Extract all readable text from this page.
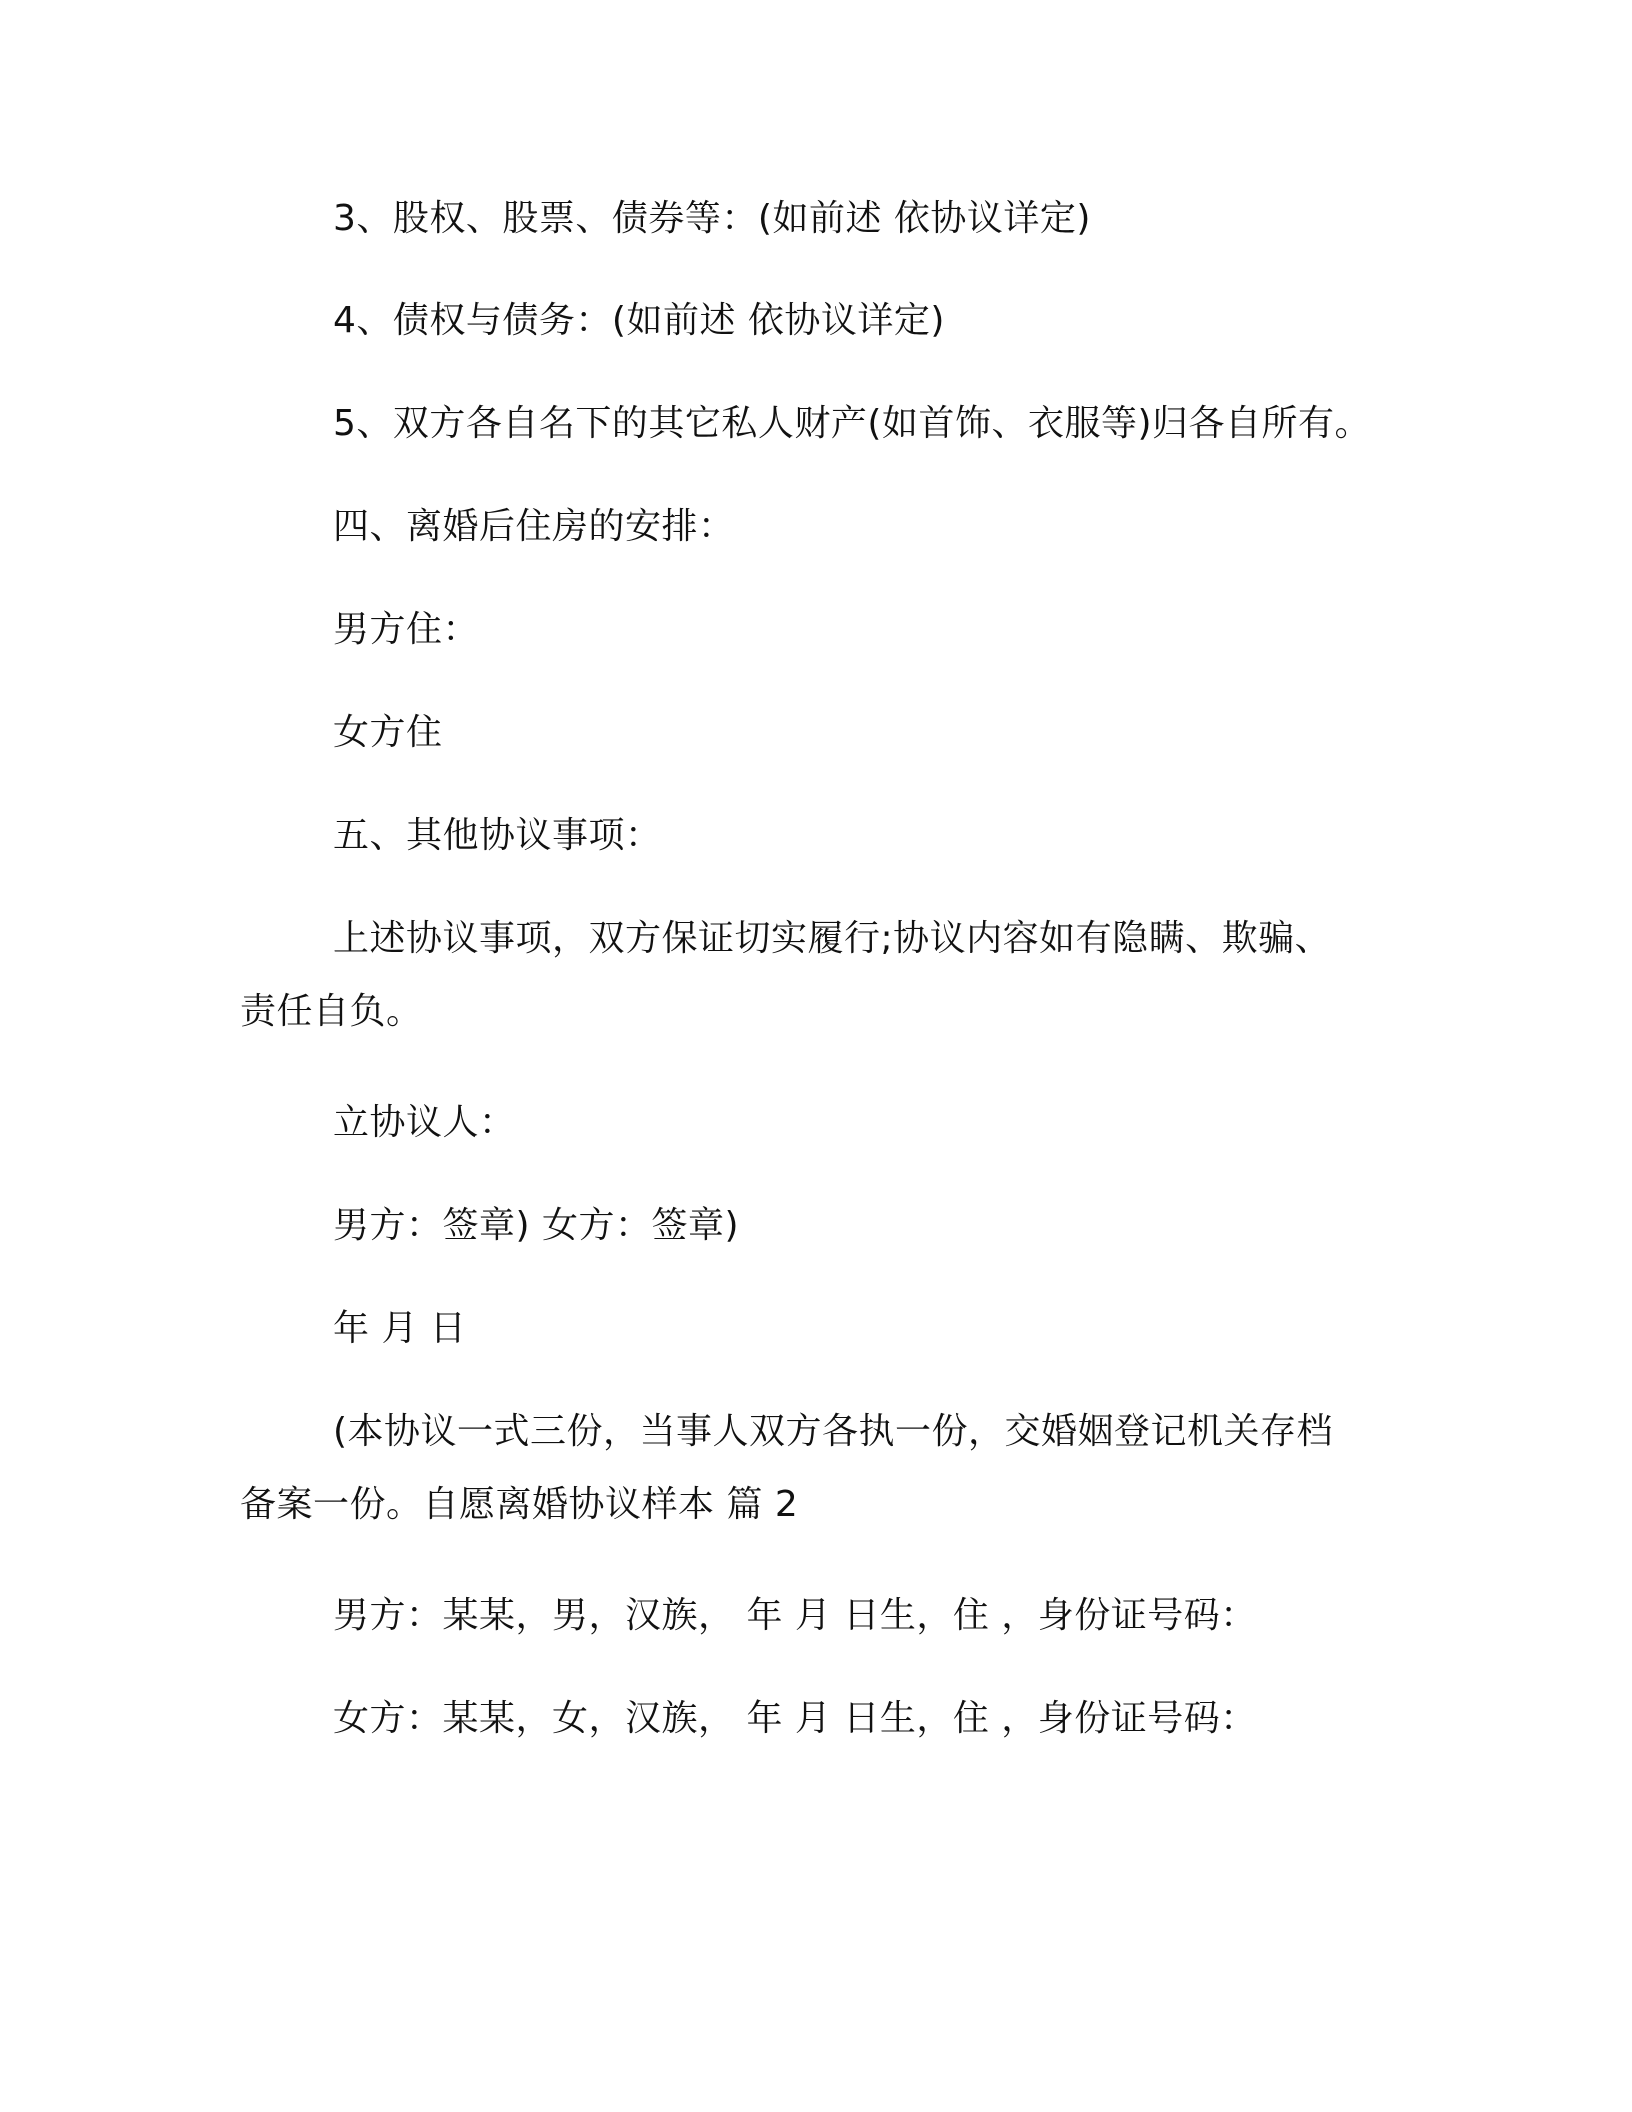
3、股权、股票、债券等：(如前述 依协议详定)
4、债权与债务：(如前述 依协议详定)
5、双方各自名下的其它私人财产(如首饰、衣服等)归各自所有。
四、离婚后住房的安排：
男方住：
女方住
五、其他协议事项：
上述协议事项，双方保证切实履行;协议内容如有隐瞒、欺骗、
责任自负。
立协议人：
男方：签章) 女方：签章)
年 月 日
(本协议一式三份，当事人双方各执一份，交婚姻登记机关存档
备案一份。自愿离婚协议样本 篇 2
男方：某某，男，汉族， 年 月 日生，住 ，身份证号码：
女方：某某，女，汉族， 年 月 日生，住 ，身份证号码：
